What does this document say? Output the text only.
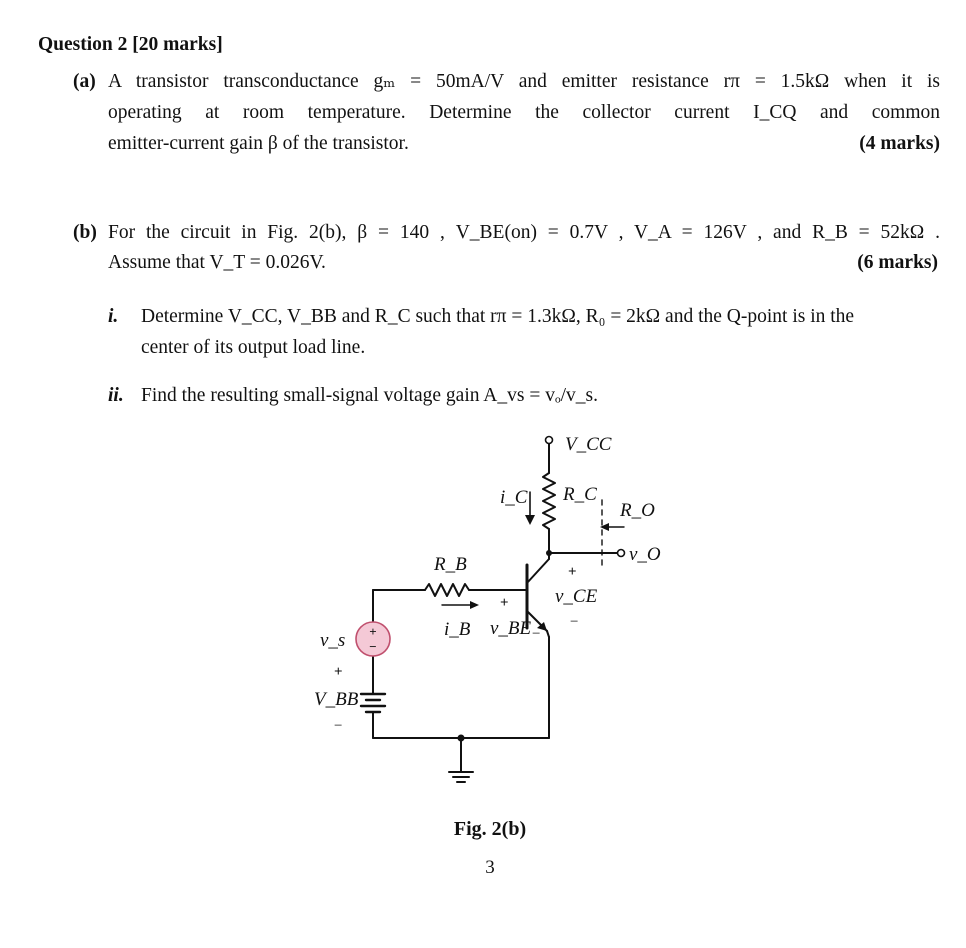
Question 2 [20 marks]
(a) A transistor transconductance gₘ = 50mA/V and emitter resistance rπ = 1.5kΩ when it is
operating at room temperature. Determine the collector current I_CQ and common
emitter-current gain β of the transistor.	(4 marks)
(b) For the circuit in Fig. 2(b), β = 140 , V_BE(on) = 0.7V , V_A = 126V , and R_B = 52kΩ .
Assume that V_T = 0.026V.	(6 marks)
i. Determine V_CC, V_BB and R_C such that rπ = 1.3kΩ, R₀ = 2kΩ and the Q-point is in the
center of its output load line.
ii. Find the resulting small-signal voltage gain A_vs = vₒ/v_s.
+
−
V_CC
R_C
R_O
v_O
i_C
R_B
i_B
+
v_BE −
+
v_CE
−
v_s
+
V_BB
−
Fig. 2(b)
3
